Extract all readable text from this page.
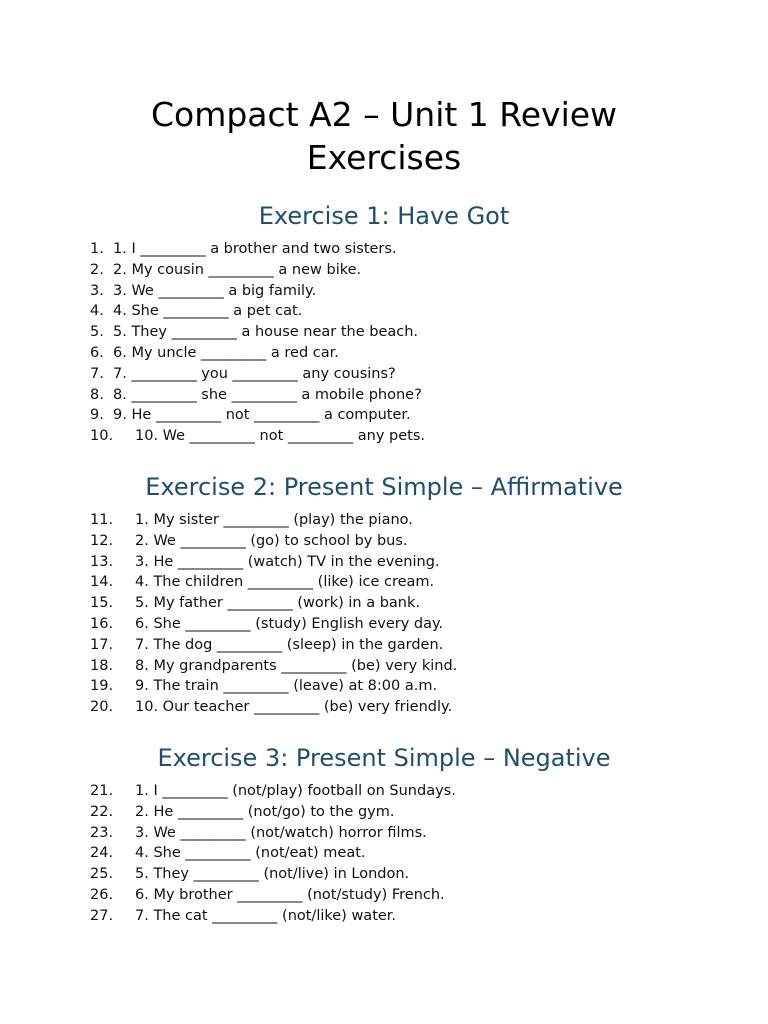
Compact A2 – Unit 1 Review
Exercises
Exercise 1: Have Got
1. 1. I _________ a brother and two sisters.
2. 2. My cousin _________ a new bike.
3. 3. We _________ a big family.
4. 4. She _________ a pet cat.
5. 5. They _________ a house near the beach.
6. 6. My uncle _________ a red car.
7. 7. _________ you _________ any cousins?
8. 8. _________ she _________ a mobile phone?
9. 9. He _________ not _________ a computer.
10. 10. We _________ not _________ any pets.
Exercise 2: Present Simple – Affirmative
11. 1. My sister _________ (play) the piano.
12. 2. We _________ (go) to school by bus.
13. 3. He _________ (watch) TV in the evening.
14. 4. The children _________ (like) ice cream.
15. 5. My father _________ (work) in a bank.
16. 6. She _________ (study) English every day.
17. 7. The dog _________ (sleep) in the garden.
18. 8. My grandparents _________ (be) very kind.
19. 9. The train _________ (leave) at 8:00 a.m.
20. 10. Our teacher _________ (be) very friendly.
Exercise 3: Present Simple – Negative
21. 1. I _________ (not/play) football on Sundays.
22. 2. He _________ (not/go) to the gym.
23. 3. We _________ (not/watch) horror films.
24. 4. She _________ (not/eat) meat.
25. 5. They _________ (not/live) in London.
26. 6. My brother _________ (not/study) French.
27. 7. The cat _________ (not/like) water.
